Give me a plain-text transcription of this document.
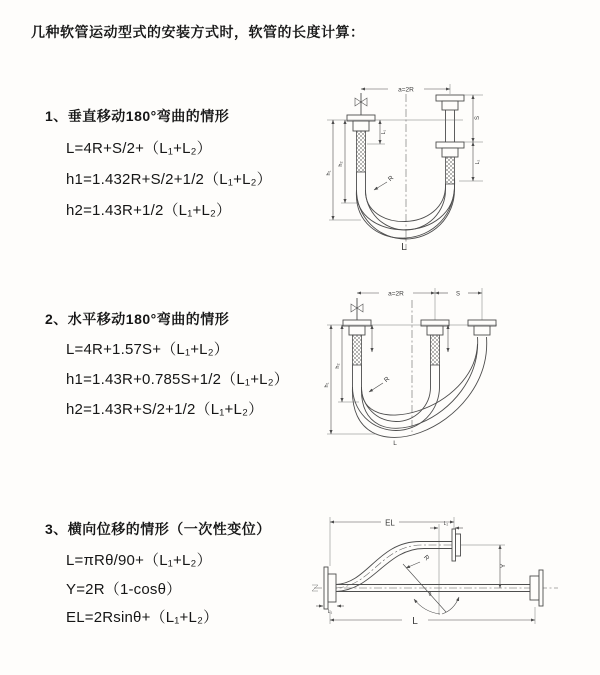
几种软管运动型式的安装方式时，软管的长度计算：
1、垂直移动180°弯曲的情形
L=4R+S/2+（L₁+L₂）
h1=1.432R+S/2+1/2（L₁+L₂）
h2=1.43R+1/2（L₁+L₂）
2、水平移动180°弯曲的情形
L=4R+1.57S+（L₁+L₂）
h1=1.43R+0.785S+1/2（L₁+L₂）
h2=1.43R+S/2+1/2（L₁+L₂）
3、横向位移的情形（一次性变位）
L=πRθ/90+（L₁+L₂）
Y=2R（1-cosθ）
EL=2Rsinθ+（L₁+L₂）
a=2R
h₁
h₂
L₁
S
L₂
R
L
a=2R	S
h₁
h₂
R
L
EL	L₂
Y
R
θ
L₁
L
